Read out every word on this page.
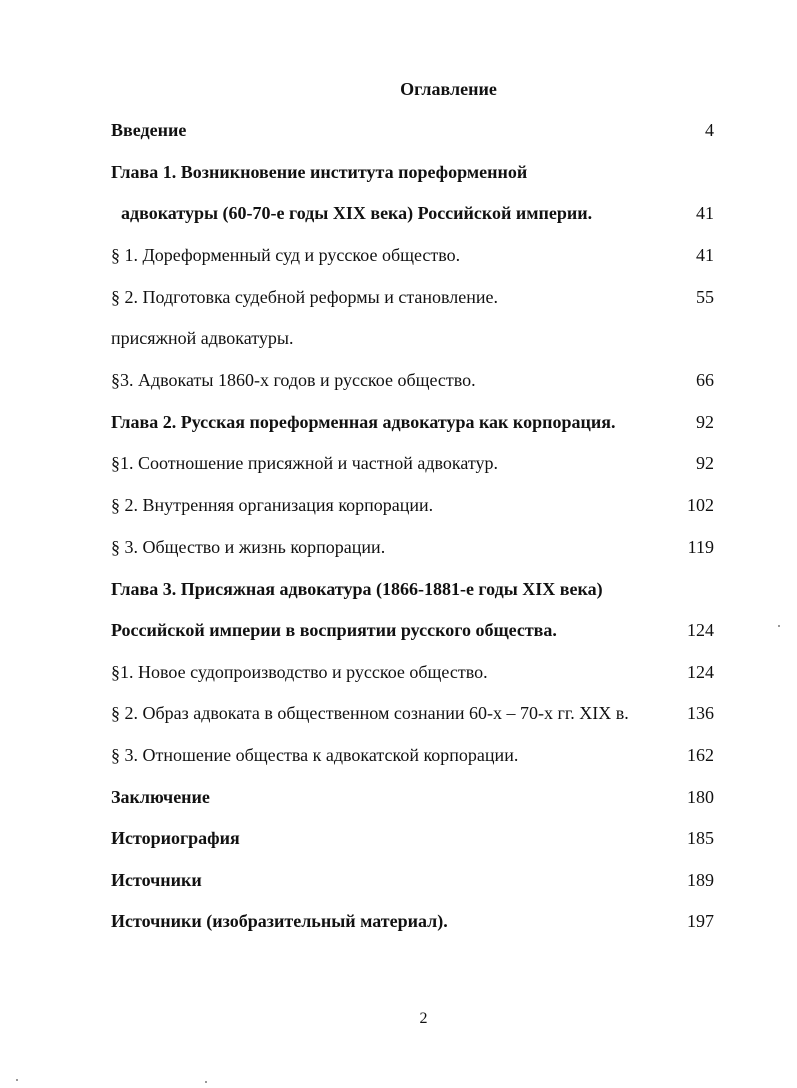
Оглавление
Введение	4
Глава 1. Возникновение института пореформенной
адвокатуры (60-70-е годы XIX века) Российской империи.	41
§ 1. Дореформенный суд и русское общество.	41
§ 2. Подготовка судебной реформы и становление.	55
присяжной адвокатуры.
§3. Адвокаты 1860-х годов и русское общество.	66
Глава 2. Русская пореформенная адвокатура как корпорация.	92
§1. Соотношение присяжной и частной адвокатур.	92
§ 2. Внутренняя организация корпорации.	102
§ 3. Общество и жизнь корпорации.	119
Глава 3. Присяжная адвокатура (1866-1881-е годы XIX века)
Российской империи в восприятии русского общества.	124
§1. Новое судопроизводство и русское общество.	124
§ 2. Образ адвоката в общественном сознании 60-х – 70-х гг. XIX в.	136
§ 3. Отношение общества к адвокатской корпорации.	162
Заключение	180
Историография	185
Источники	189
Источники (изобразительный материал).	197
2
